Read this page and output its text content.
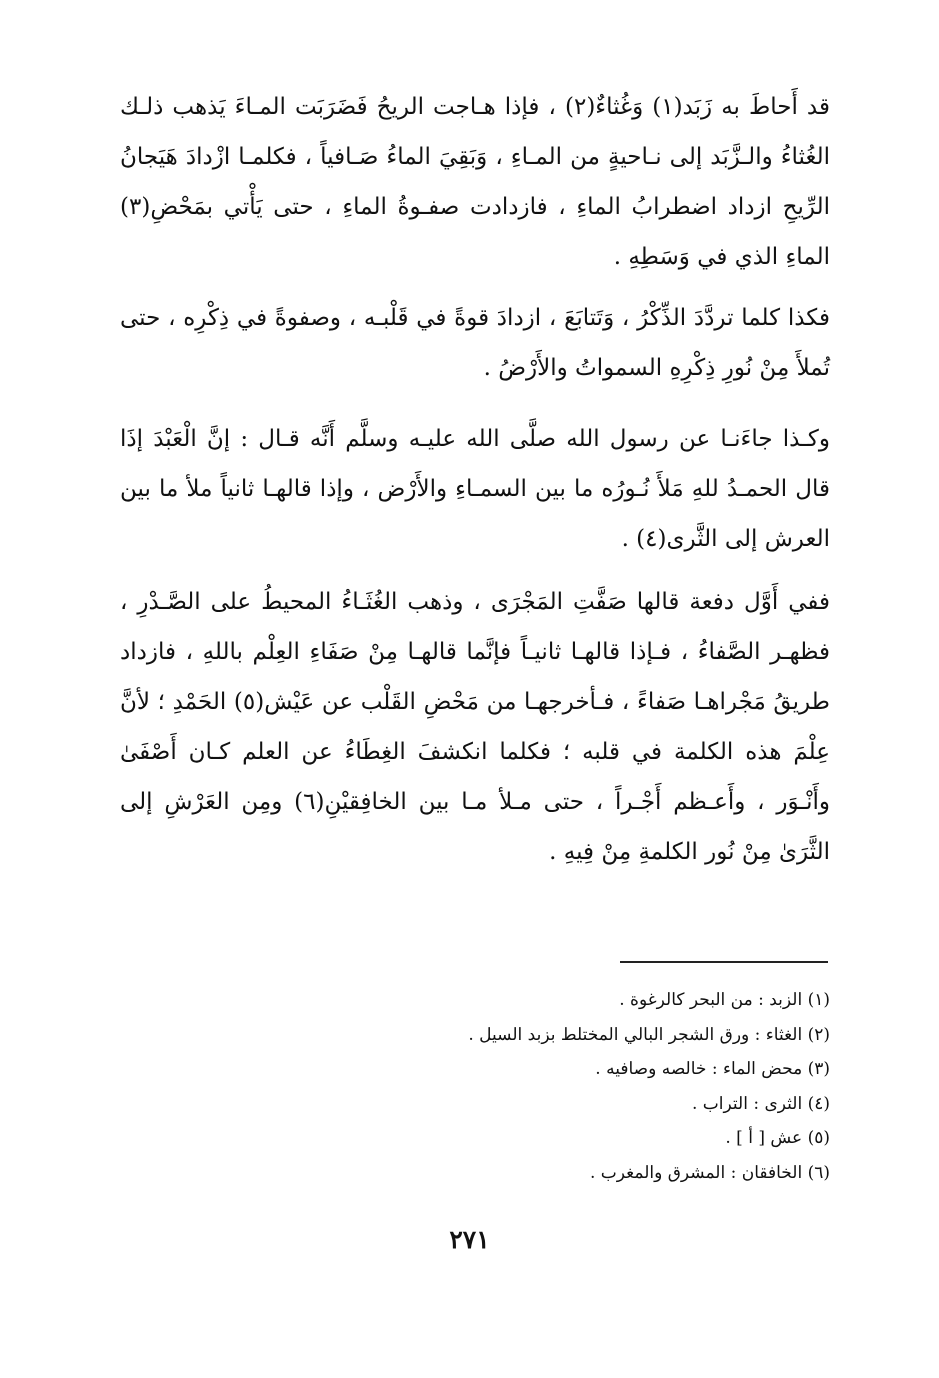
قد أَحاطَ به زَبَد(١) وَغُثاءٌ(٢) ، فإذا هـاجت الريحُ فَضَرَبَت المـاءَ يَذهب ذلـك الغُثاءُ والـزَّبَد إلى نـاحيةٍ من المـاءِ ، وَبَقِيَ الماءُ صَـافياً ، فكلمـا ازْدادَ هَيَجانُ الرِّيحِ ازداد اضطرابُ الماءِ ، فازدادت صفـوةُ الماءِ ، حتى يَأْتي بمَحْضِ(٣) الماءِ الذي في وَسَطِهِ .

فكذا كلما تردَّدَ الذِّكْرُ ، وَتَتابَعَ ، ازدادَ قوةً في قَلْبـه ، وصفوةً في ذِكْرِه ، حتى تُملأَ مِنْ نُورِ ذِكْرِهِ السمواتُ والأَرْضُ .

وكـذا جاءَنـا عن رسول الله صلَّى الله عليـه وسلَّم أَنَّه قـال : إنَّ الْعَبْدَ إذَا قال الحمـدُ للهِ مَلأَ نُـورُه ما بين السمـاءِ والأَرْض ، وإذا قالهـا ثانياً ملأ ما بين العرش إلى الثَّرى(٤) .

ففي أَوَّل دفعة قالها صَفَّتِ المَجْرَى ، وذهب الغُثَـاءُ المحيطُ على الصَّـدْرِ ، فظهـر الصَّفاءُ ، فـإذا قالهـا ثانيـاً فإنَّما قالهـا مِنْ صَفَاءِ العِلْم باللهِ ، فازداد طريقُ مَجْراهـا صَفاءً ، فـأخرجهـا من مَحْضِ القَلْب عن عَيْش(٥) الحَمْدِ ؛ لأنَّ عِلْمَ هذه الكلمة في قلبه ؛ فكلما انكشفَ الغِطَاءُ عن العلم كـان أَصْفَىٰ وأَنْـوَر ، وأَعـظم أَجْـراً ، حتى مـلأ مـا بين الخافِقيْنِ(٦) ومِن العَرْشِ إلى الثَّرَىٰ مِنْ نُور الكلمةِ مِنْ فِيهِ .

(١) الزبد : من البحر كالرغوة .
(٢) الغثاء : ورق الشجر البالي المختلط بزبد السيل .
(٣) محض الماء : خالصه وصافيه .
(٤) الثرى : التراب .
(٥) عش [ أ ] .
(٦) الخافقان : المشرق والمغرب .
٢٧١
